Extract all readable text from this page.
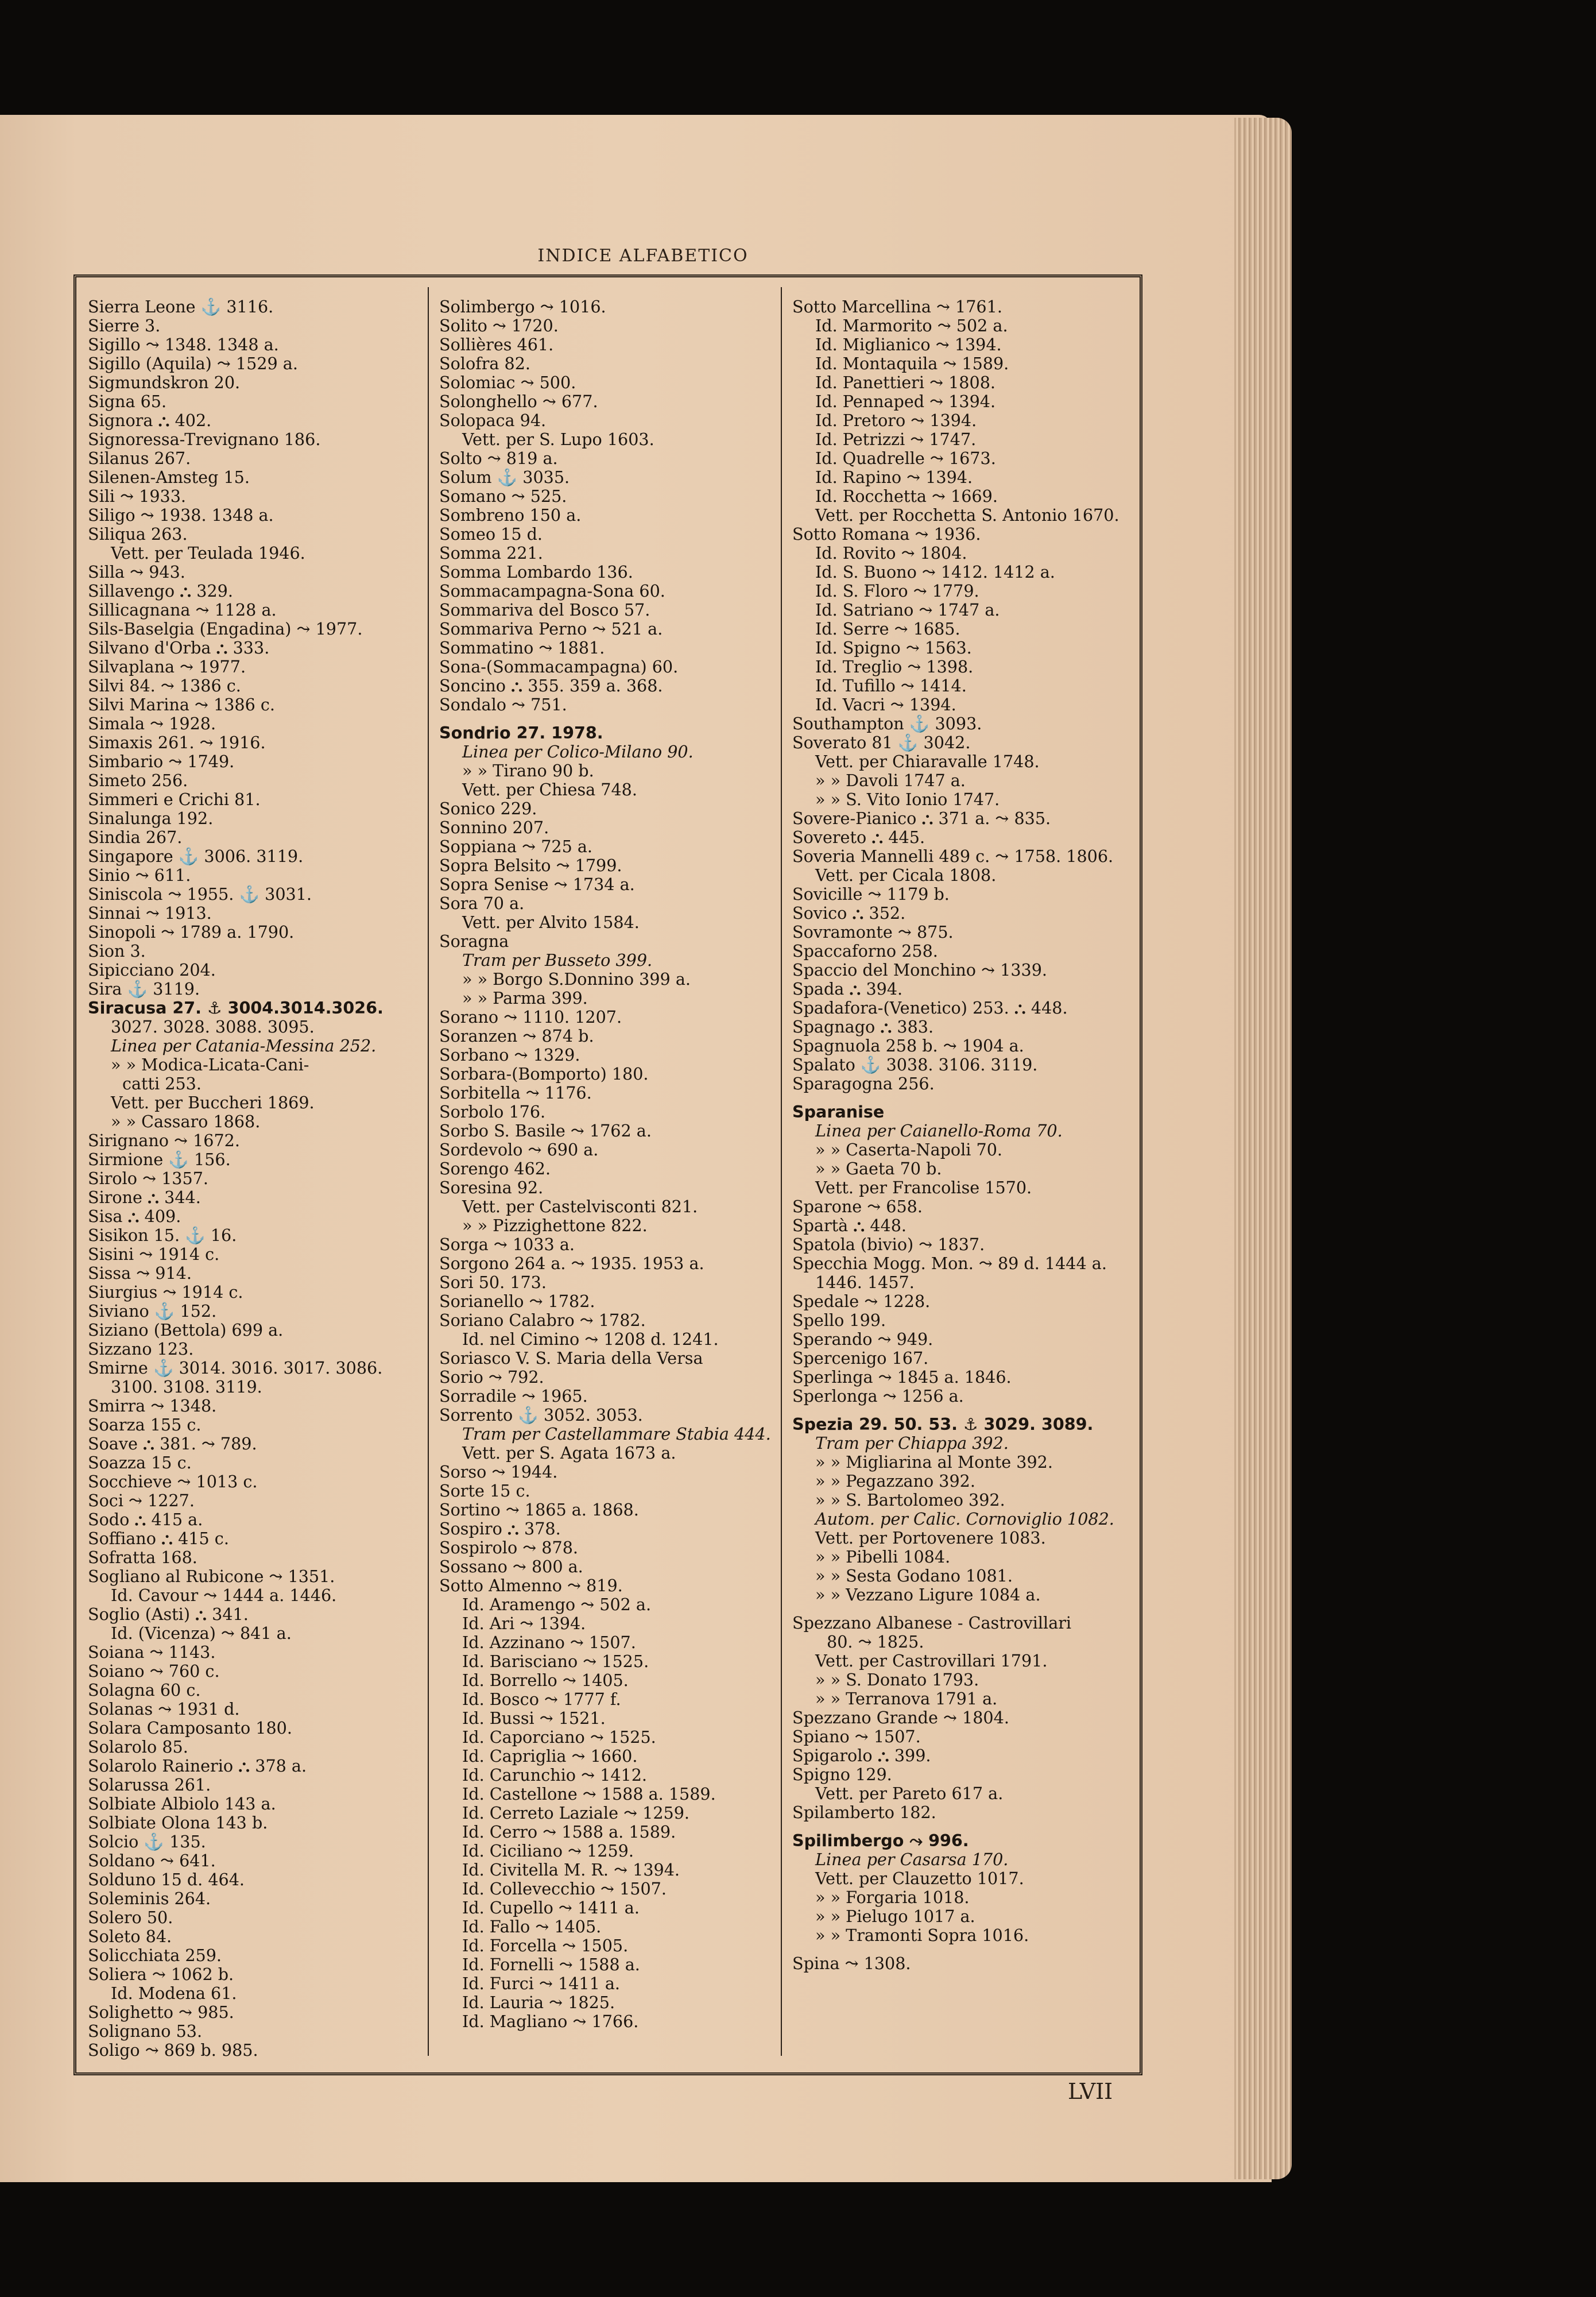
INDICE ALFABETICO
Sierra Leone ⚓ 3116.
Sierre 3.
Sigillo ⤳ 1348. 1348 a.
Sigillo (Aquila) ⤳ 1529 a.
Sigmundskron 20.
Signa 65.
Signora ⛬ 402.
Signoressa-Trevignano 186.
Silanus 267.
Silenen-Amsteg 15.
Sili ⤳ 1933.
Siligo ⤳ 1938. 1348 a.
Siliqua 263.
Vett. per Teulada 1946.
Silla ⤳ 943.
Sillavengo ⛬ 329.
Sillicagnana ⤳ 1128 a.
Sils-Baselgia (Engadina) ⤳ 1977.
Silvano d'Orba ⛬ 333.
Silvaplana ⤳ 1977.
Silvi 84. ⤳ 1386 c.
Silvi Marina ⤳ 1386 c.
Simala ⤳ 1928.
Simaxis 261. ⤳ 1916.
Simbario ⤳ 1749.
Simeto 256.
Simmeri e Crichi 81.
Sinalunga 192.
Sindia 267.
Singapore ⚓ 3006. 3119.
Sinio ⤳ 611.
Siniscola ⤳ 1955. ⚓ 3031.
Sinnai ⤳ 1913.
Sinopoli ⤳ 1789 a. 1790.
Sion 3.
Sipicciano 204.
Sira ⚓ 3119.
Siracusa 27. ⚓ 3004.3014.3026.
3027. 3028. 3088. 3095.
Linea per Catania-Messina 252.
» » Modica-Licata-Cani-
catti 253.
Vett. per Buccheri 1869.
» » Cassaro 1868.
Sirignano ⤳ 1672.
Sirmione ⚓ 156.
Sirolo ⤳ 1357.
Sirone ⛬ 344.
Sisa ⛬ 409.
Sisikon 15. ⚓ 16.
Sisini ⤳ 1914 c.
Sissa ⤳ 914.
Siurgius ⤳ 1914 c.
Siviano ⚓ 152.
Siziano (Bettola) 699 a.
Sizzano 123.
Smirne ⚓ 3014. 3016. 3017. 3086.
3100. 3108. 3119.
Smirra ⤳ 1348.
Soarza 155 c.
Soave ⛬ 381. ⤳ 789.
Soazza 15 c.
Socchieve ⤳ 1013 c.
Soci ⤳ 1227.
Sodo ⛬ 415 a.
Soffiano ⛬ 415 c.
Sofratta 168.
Sogliano al Rubicone ⤳ 1351.
Id. Cavour ⤳ 1444 a. 1446.
Soglio (Asti) ⛬ 341.
Id. (Vicenza) ⤳ 841 a.
Soiana ⤳ 1143.
Soiano ⤳ 760 c.
Solagna 60 c.
Solanas ⤳ 1931 d.
Solara Camposanto 180.
Solarolo 85.
Solarolo Rainerio ⛬ 378 a.
Solarussa 261.
Solbiate Albiolo 143 a.
Solbiate Olona 143 b.
Solcio ⚓ 135.
Soldano ⤳ 641.
Solduno 15 d. 464.
Soleminis 264.
Solero 50.
Soleto 84.
Solicchiata 259.
Soliera ⤳ 1062 b.
Id. Modena 61.
Solighetto ⤳ 985.
Solignano 53.
Soligo ⤳ 869 b. 985.
Solimbergo ⤳ 1016.
Solito ⤳ 1720.
Sollières 461.
Solofra 82.
Solomiac ⤳ 500.
Solonghello ⤳ 677.
Solopaca 94.
Vett. per S. Lupo 1603.
Solto ⤳ 819 a.
Solum ⚓ 3035.
Somano ⤳ 525.
Sombreno 150 a.
Someo 15 d.
Somma 221.
Somma Lombardo 136.
Sommacampagna-Sona 60.
Sommariva del Bosco 57.
Sommariva Perno ⤳ 521 a.
Sommatino ⤳ 1881.
Sona-(Sommacampagna) 60.
Soncino ⛬ 355. 359 a. 368.
Sondalo ⤳ 751.
Sondrio 27. 1978.
Linea per Colico-Milano 90.
» » Tirano 90 b.
Vett. per Chiesa 748.
Sonico 229.
Sonnino 207.
Soppiana ⤳ 725 a.
Sopra Belsito ⤳ 1799.
Sopra Senise ⤳ 1734 a.
Sora 70 a.
Vett. per Alvito 1584.
Soragna
Tram per Busseto 399.
» » Borgo S.Donnino 399 a.
» » Parma 399.
Sorano ⤳ 1110. 1207.
Soranzen ⤳ 874 b.
Sorbano ⤳ 1329.
Sorbara-(Bomporto) 180.
Sorbitella ⤳ 1176.
Sorbolo 176.
Sorbo S. Basile ⤳ 1762 a.
Sordevolo ⤳ 690 a.
Sorengo 462.
Soresina 92.
Vett. per Castelvisconti 821.
» » Pizzighettone 822.
Sorga ⤳ 1033 a.
Sorgono 264 a. ⤳ 1935. 1953 a.
Sori 50. 173.
Sorianello ⤳ 1782.
Soriano Calabro ⤳ 1782.
Id. nel Cimino ⤳ 1208 d. 1241.
Soriasco V. S. Maria della Versa
Sorio ⤳ 792.
Sorradile ⤳ 1965.
Sorrento ⚓ 3052. 3053.
Tram per Castellammare Stabia 444.
Vett. per S. Agata 1673 a.
Sorso ⤳ 1944.
Sorte 15 c.
Sortino ⤳ 1865 a. 1868.
Sospiro ⛬ 378.
Sospirolo ⤳ 878.
Sossano ⤳ 800 a.
Sotto Almenno ⤳ 819.
Id. Aramengo ⤳ 502 a.
Id. Ari ⤳ 1394.
Id. Azzinano ⤳ 1507.
Id. Barisciano ⤳ 1525.
Id. Borrello ⤳ 1405.
Id. Bosco ⤳ 1777 f.
Id. Bussi ⤳ 1521.
Id. Caporciano ⤳ 1525.
Id. Capriglia ⤳ 1660.
Id. Carunchio ⤳ 1412.
Id. Castellone ⤳ 1588 a. 1589.
Id. Cerreto Laziale ⤳ 1259.
Id. Cerro ⤳ 1588 a. 1589.
Id. Ciciliano ⤳ 1259.
Id. Civitella M. R. ⤳ 1394.
Id. Collevecchio ⤳ 1507.
Id. Cupello ⤳ 1411 a.
Id. Fallo ⤳ 1405.
Id. Forcella ⤳ 1505.
Id. Fornelli ⤳ 1588 a.
Id. Furci ⤳ 1411 a.
Id. Lauria ⤳ 1825.
Id. Magliano ⤳ 1766.
Sotto Marcellina ⤳ 1761.
Id. Marmorito ⤳ 502 a.
Id. Miglianico ⤳ 1394.
Id. Montaquila ⤳ 1589.
Id. Panettieri ⤳ 1808.
Id. Pennaped ⤳ 1394.
Id. Pretoro ⤳ 1394.
Id. Petrizzi ⤳ 1747.
Id. Quadrelle ⤳ 1673.
Id. Rapino ⤳ 1394.
Id. Rocchetta ⤳ 1669.
Vett. per Rocchetta S. Antonio 1670.
Sotto Romana ⤳ 1936.
Id. Rovito ⤳ 1804.
Id. S. Buono ⤳ 1412. 1412 a.
Id. S. Floro ⤳ 1779.
Id. Satriano ⤳ 1747 a.
Id. Serre ⤳ 1685.
Id. Spigno ⤳ 1563.
Id. Treglio ⤳ 1398.
Id. Tufillo ⤳ 1414.
Id. Vacri ⤳ 1394.
Southampton ⚓ 3093.
Soverato 81 ⚓ 3042.
Vett. per Chiaravalle 1748.
» » Davoli 1747 a.
» » S. Vito Ionio 1747.
Sovere-Pianico ⛬ 371 a. ⤳ 835.
Sovereto ⛬ 445.
Soveria Mannelli 489 c. ⤳ 1758. 1806.
Vett. per Cicala 1808.
Sovicille ⤳ 1179 b.
Sovico ⛬ 352.
Sovramonte ⤳ 875.
Spaccaforno 258.
Spaccio del Monchino ⤳ 1339.
Spada ⛬ 394.
Spadafora-(Venetico) 253. ⛬ 448.
Spagnago ⛬ 383.
Spagnuola 258 b. ⤳ 1904 a.
Spalato ⚓ 3038. 3106. 3119.
Sparagogna 256.
Sparanise
Linea per Caianello-Roma 70.
» » Caserta-Napoli 70.
» » Gaeta 70 b.
Vett. per Francolise 1570.
Sparone ⤳ 658.
Spartà ⛬ 448.
Spatola (bivio) ⤳ 1837.
Specchia Mogg. Mon. ⤳ 89 d. 1444 a.
1446. 1457.
Spedale ⤳ 1228.
Spello 199.
Sperando ⤳ 949.
Spercenigo 167.
Sperlinga ⤳ 1845 a. 1846.
Sperlonga ⤳ 1256 a.
Spezia 29. 50. 53. ⚓ 3029. 3089.
Tram per Chiappa 392.
» » Migliarina al Monte 392.
» » Pegazzano 392.
» » S. Bartolomeo 392.
Autom. per Calic. Cornoviglio 1082.
Vett. per Portovenere 1083.
» » Pibelli 1084.
» » Sesta Godano 1081.
» » Vezzano Ligure 1084 a.
Spezzano Albanese - Castrovillari
80. ⤳ 1825.
Vett. per Castrovillari 1791.
» » S. Donato 1793.
» » Terranova 1791 a.
Spezzano Grande ⤳ 1804.
Spiano ⤳ 1507.
Spigarolo ⛬ 399.
Spigno 129.
Vett. per Pareto 617 a.
Spilamberto 182.
Spilimbergo ⤳ 996.
Linea per Casarsa 170.
Vett. per Clauzetto 1017.
» » Forgaria 1018.
» » Pielugo 1017 a.
» » Tramonti Sopra 1016.
Spina ⤳ 1308.
LVII
